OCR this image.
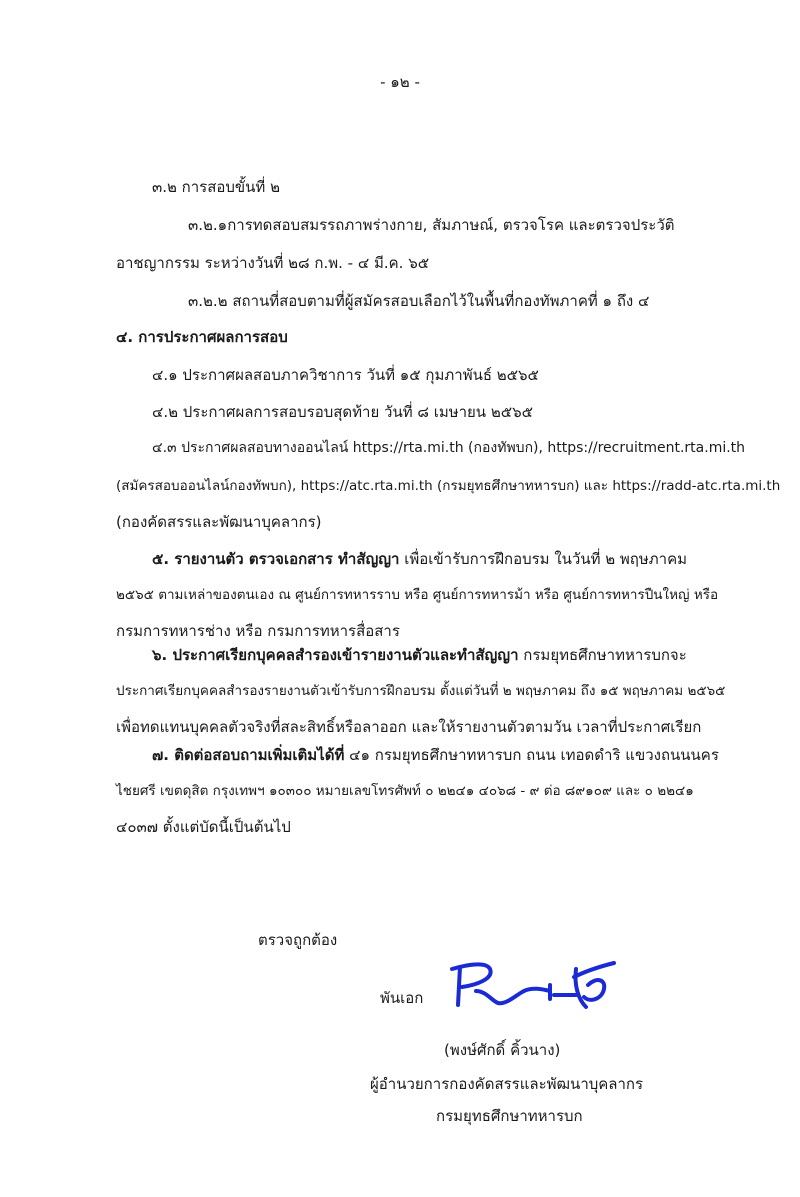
- ๑๒ -
๓.๒ การสอบขั้นที่ ๒
๓.๒.๑การทดสอบสมรรถภาพร่างกาย, สัมภาษณ์, ตรวจโรค และตรวจประวัติ
อาชญากรรม ระหว่างวันที่ ๒๘ ก.พ. - ๔ มี.ค. ๖๕
๓.๒.๒ สถานที่สอบตามที่ผู้สมัครสอบเลือกไว้ในพื้นที่กองทัพภาคที่ ๑ ถึง ๔
๔. การประกาศผลการสอบ
๔.๑ ประกาศผลสอบภาควิชาการ วันที่ ๑๕ กุมภาพันธ์ ๒๕๖๕
๔.๒ ประกาศผลการสอบรอบสุดท้าย วันที่ ๘ เมษายน ๒๕๖๕
๔.๓ ประกาศผลสอบทางออนไลน์ https://rta.mi.th (กองทัพบก), https://recruitment.rta.mi.th
(สมัครสอบออนไลน์กองทัพบก), https://atc.rta.mi.th (กรมยุทธศึกษาทหารบก) และ https://radd-atc.rta.mi.th
(กองคัดสรรและพัฒนาบุคลากร)
๕. รายงานตัว ตรวจเอกสาร ทำสัญญา เพื่อเข้ารับการฝึกอบรม ในวันที่ ๒ พฤษภาคม
๒๕๖๕ ตามเหล่าของตนเอง ณ ศูนย์การทหารราบ หรือ ศูนย์การทหารม้า หรือ ศูนย์การทหารปืนใหญ่ หรือ
กรมการทหารช่าง หรือ กรมการทหารสื่อสาร
๖. ประกาศเรียกบุคคลสำรองเข้ารายงานตัวและทำสัญญา กรมยุทธศึกษาทหารบกจะ
ประกาศเรียกบุคคลสำรองรายงานตัวเข้ารับการฝึกอบรม ตั้งแต่วันที่ ๒ พฤษภาคม ถึง ๑๕ พฤษภาคม ๒๕๖๕
เพื่อทดแทนบุคคลตัวจริงที่สละสิทธิ์หรือลาออก และให้รายงานตัวตามวัน เวลาที่ประกาศเรียก
๗. ติดต่อสอบถามเพิ่มเติมได้ที่ ๔๑ กรมยุทธศึกษาทหารบก ถนน เทอดดำริ แขวงถนนนคร
ไชยศรี เขตดุสิต กรุงเทพฯ ๑๐๓๐๐ หมายเลขโทรศัพท์ ๐ ๒๒๔๑ ๔๐๖๘ - ๙ ต่อ ๘๙๑๐๙ และ ๐ ๒๒๔๑
๔๐๓๗ ตั้งแต่บัดนี้เป็นต้นไป
ตรวจถูกต้อง
พันเอก
(พงษ์ศักดิ์ คิ้วนาง)
ผู้อำนวยการกองคัดสรรและพัฒนาบุคลากร
กรมยุทธศึกษาทหารบก
